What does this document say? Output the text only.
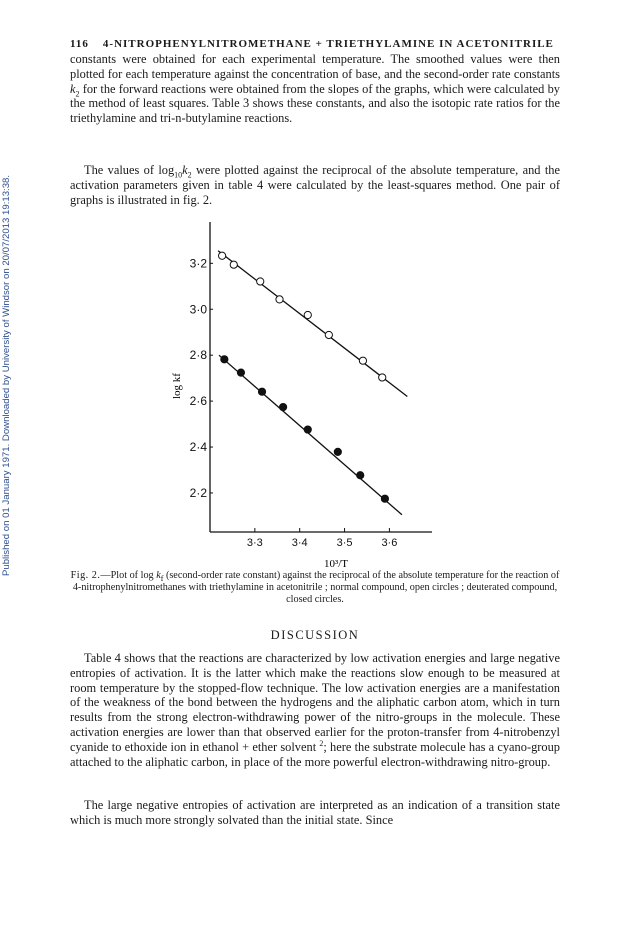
Published on 01 January 1971. Downloaded by University of Windsor on 20/07/2013 19:13:38.
116 4-NITROPHENYLNITROMETHANE + TRIETHYLAMINE IN ACETONITRILE
constants were obtained for each experimental temperature. The smoothed values were then plotted for each temperature against the concentration of base, and the second-order rate constants $k_2$ for the forward reactions were obtained from the slopes of the graphs, which were calculated by the method of least squares. Table 3 shows these constants, and also the isotopic rate ratios for the triethylamine and tri-n-butylamine reactions.
The values of $\log_{10}k_2$ were plotted against the reciprocal of the absolute temperature, and the activation parameters given in table 4 were calculated by the least-squares method. One pair of graphs is illustrated in fig. 2.
3·3	3·4	3·5	3·6
3·2
3·0
2·8
2·6
2·4
2·2
log kf
10³/T
Fig. 2.—Plot of $\log k_f$ (second-order rate constant) against the reciprocal of the absolute temperature for the reaction of 4-nitrophenylnitromethanes with triethylamine in acetonitrile ; normal compound, open circles ; deuterated compound, closed circles.
DISCUSSION
Table 4 shows that the reactions are characterized by low activation energies and large negative entropies of activation. It is the latter which make the reactions slow enough to be measured at room temperature by the stopped-flow technique. The low activation energies are a manifestation of the weakness of the bond between the hydrogens and the aliphatic carbon atom, which in turn results from the strong electron-withdrawing power of the nitro-groups in the molecule. These activation energies are lower than that observed earlier for the proton-transfer from 4-nitrobenzyl cyanide to ethoxide ion in ethanol + ether solvent $^2$; here the substrate molecule has a cyano-group attached to the aliphatic carbon, in place of the more powerful electron-withdrawing nitro-group.
The large negative entropies of activation are interpreted as an indication of a transition state which is much more strongly solvated than the initial state. Since
